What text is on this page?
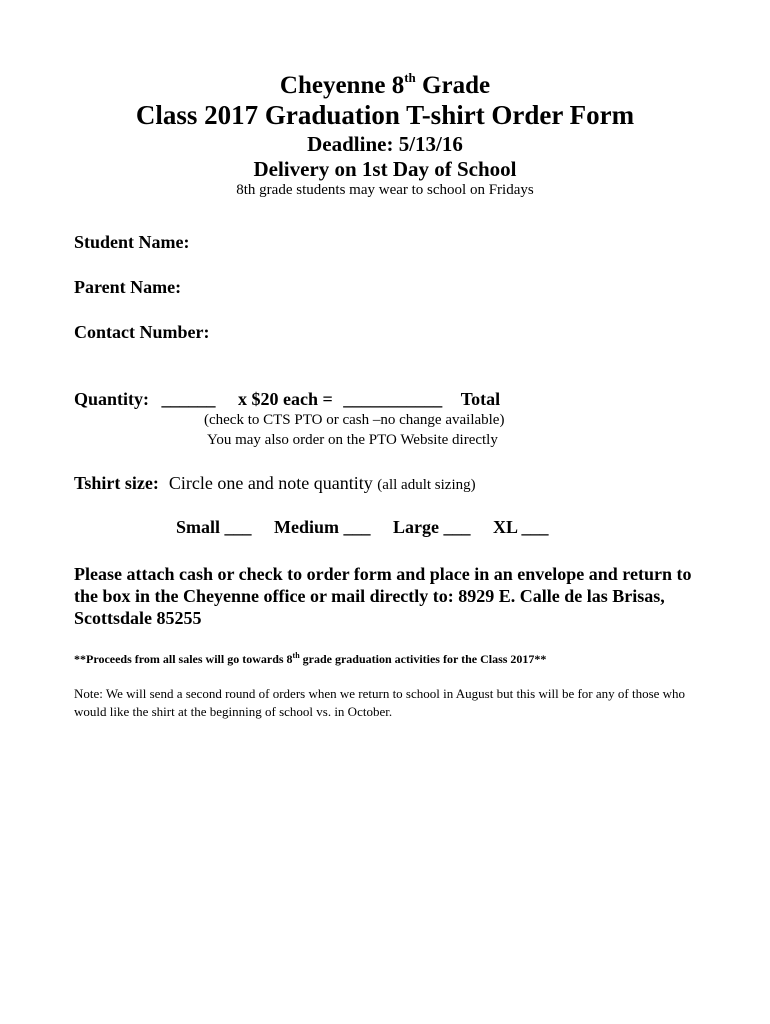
Cheyenne 8th Grade
Class 2017 Graduation T-shirt Order Form
Deadline: 5/13/16
Delivery on 1st Day of School
8th grade students may wear to school on Fridays
Student Name:
Parent Name:
Contact Number:
Quantity: ______ x $20 each = ___________ Total
(check to CTS PTO or cash –no change available)
You may also order on the PTO Website directly
Tshirt size: Circle one and note quantity (all adult sizing)
Small ___ Medium ___ Large ___ XL ___
Please attach cash or check to order form and place in an envelope and return to the box in the Cheyenne office or mail directly to: 8929 E. Calle de las Brisas, Scottsdale 85255
**Proceeds from all sales will go towards 8th grade graduation activities for the Class 2017**
Note: We will send a second round of orders when we return to school in August but this will be for any of those who would like the shirt at the beginning of school vs. in October.
